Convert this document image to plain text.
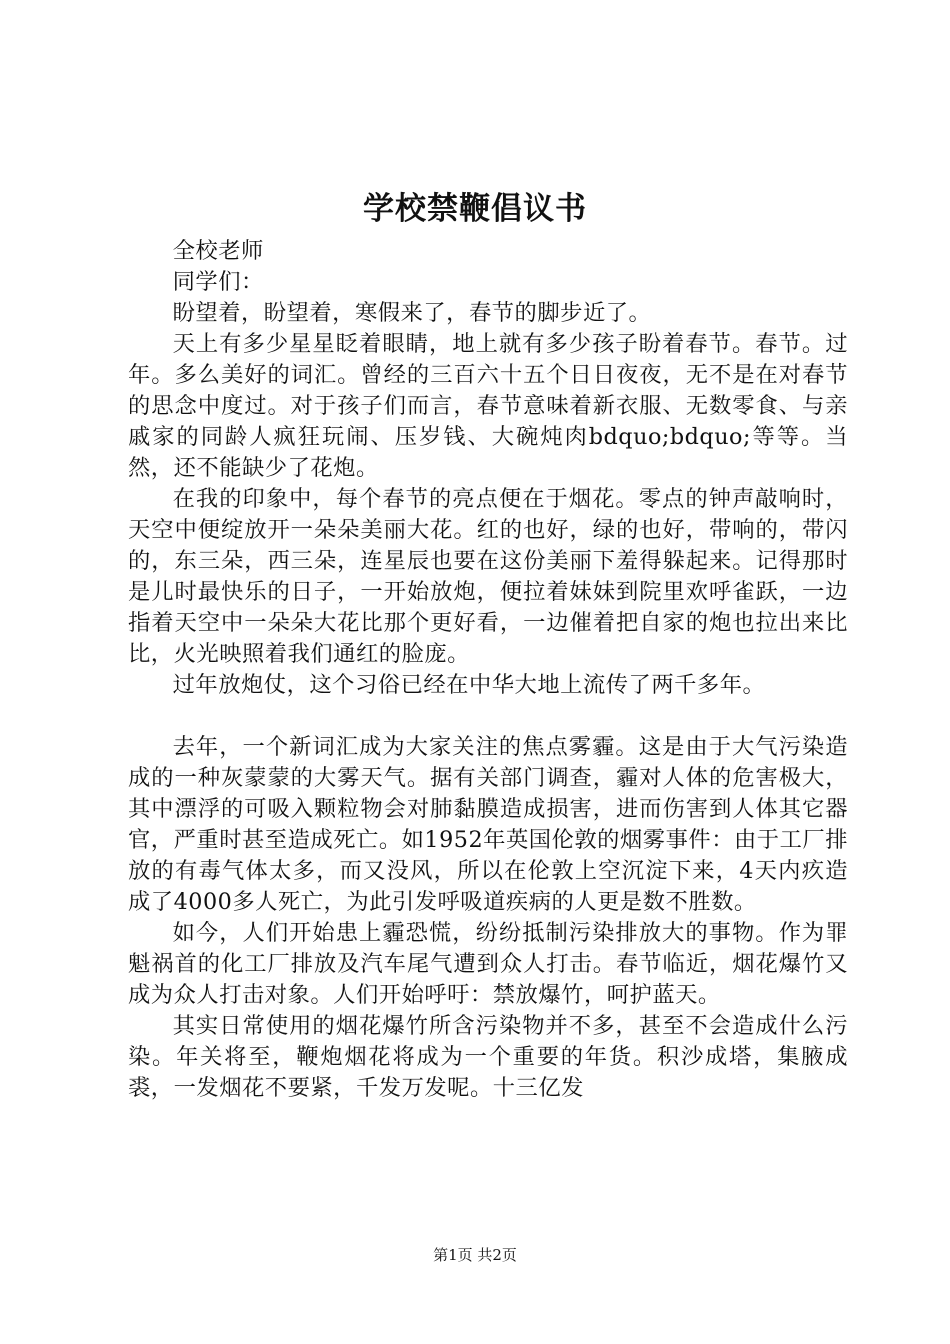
学校禁鞭倡议书

全校老师

同学们：

盼望着，盼望着，寒假来了，春节的脚步近了。

天上有多少星星眨着眼睛，地上就有多少孩子盼着春节。春节。过年。多么美好的词汇。曾经的三百六十五个日日夜夜，无不是在对春节的思念中度过。对于孩子们而言，春节意味着新衣服、无数零食、与亲戚家的同龄人疯狂玩闹、压岁钱、大碗炖肉bdquo;bdquo;等等。当然，还不能缺少了花炮。

在我的印象中，每个春节的亮点便在于烟花。零点的钟声敲响时，天空中便绽放开一朵朵美丽大花。红的也好，绿的也好，带响的，带闪的，东三朵，西三朵，连星辰也要在这份美丽下羞得躲起来。记得那时是儿时最快乐的日子，一开始放炮，便拉着妹妹到院里欢呼雀跃，一边指着天空中一朵朵大花比那个更好看，一边催着把自家的炮也拉出来比比，火光映照着我们通红的脸庞。

过年放炮仗，这个习俗已经在中华大地上流传了两千多年。

去年，一个新词汇成为大家关注的焦点雾霾。这是由于大气污染造成的一种灰蒙蒙的大雾天气。据有关部门调查，霾对人体的危害极大，其中漂浮的可吸入颗粒物会对肺黏膜造成损害，进而伤害到人体其它器官，严重时甚至造成死亡。如1952年英国伦敦的烟雾事件：由于工厂排放的有毒气体太多，而又没风，所以在伦敦上空沉淀下来，4天内疚造成了4000多人死亡，为此引发呼吸道疾病的人更是数不胜数。

如今，人们开始患上霾恐慌，纷纷抵制污染排放大的事物。作为罪魁祸首的化工厂排放及汽车尾气遭到众人打击。春节临近，烟花爆竹又成为众人打击对象。人们开始呼吁：禁放爆竹，呵护蓝天。

其实日常使用的烟花爆竹所含污染物并不多，甚至不会造成什么污染。年关将至，鞭炮烟花将成为一个重要的年货。积沙成塔，集腋成裘，一发烟花不要紧，千发万发呢。十三亿发

第1页 共2页
